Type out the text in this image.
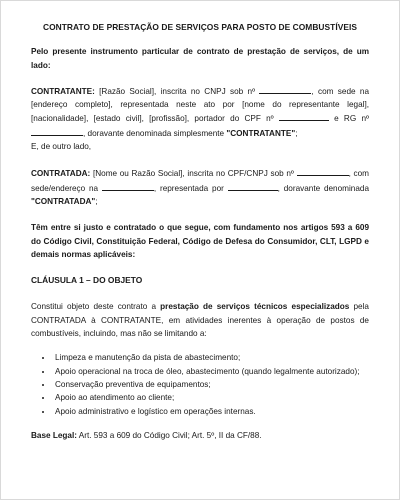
CONTRATO DE PRESTAÇÃO DE SERVIÇOS PARA POSTO DE COMBUSTÍVEIS

Pelo presente instrumento particular de contrato de prestação de serviços, de um lado:

CONTRATANTE: [Razão Social], inscrita no CNPJ sob nº	, com sede na [endereço completo], representada neste ato por [nome do representante legal], [nacionalidade], [estado civil], [profissão], portador do CPF nº	e RG nº , doravante denominada simplesmente "CONTRATANTE";
E, de outro lado,

CONTRATADA: [Nome ou Razão Social], inscrita no CPF/CNPJ sob nº	, com sede/endereço na	, representada por	, doravante denominada "CONTRATADA";

Têm entre si justo e contratado o que segue, com fundamento nos artigos 593 a 609 do Código Civil, Constituição Federal, Código de Defesa do Consumidor, CLT, LGPD e demais normas aplicáveis:

CLÁUSULA 1 – DO OBJETO

Constitui objeto deste contrato a prestação de serviços técnicos especializados pela CONTRATADA à CONTRATANTE, em atividades inerentes à operação de postos de combustíveis, incluindo, mas não se limitando a:

• Limpeza e manutenção da pista de abastecimento;
• Apoio operacional na troca de óleo, abastecimento (quando legalmente autorizado);
• Conservação preventiva de equipamentos;
• Apoio ao atendimento ao cliente;
• Apoio administrativo e logístico em operações internas.

Base Legal: Art. 593 a 609 do Código Civil; Art. 5º, II da CF/88.
